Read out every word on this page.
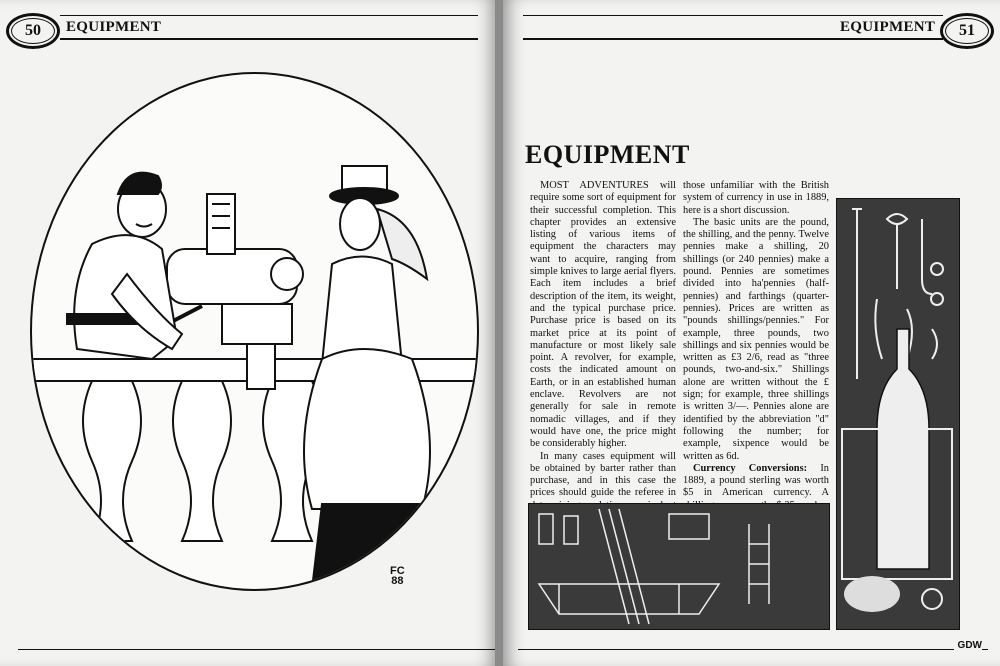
50 EQUIPMENT
FC
88
EQUIPMENT 51
EQUIPMENT

MOST ADVENTURES will require some sort of equipment for their successful completion. This chapter provides an extensive listing of various items of equipment the characters may want to acquire, ranging from simple knives to large aerial flyers. Each item includes a brief description of the item, its weight, and the typical purchase price. Purchase price is based on its market price at its point of manufacture or most likely sale point. A revolver, for example, costs the indicated amount on Earth, or in an established human enclave. Revolvers are not generally for sale in remote nomadic villages, and if they would have one, the price might be considerably higher.

In many cases equipment will be obtained by barter rather than purchase, and in this case the prices should guide the referee in

those unfamiliar with the British system of currency in use in 1889, here is a short discussion.

The basic units are the pound, the shilling, and the penny. Twelve pennies make a shilling, 20 shillings (or 240 pennies) make a pound. Pennies are sometimes divided into ha'pennies (half-pennies) and farthings (quarter-pennies). Prices are written as "pounds shillings/pennies." For example, three pounds, two shillings and six pennies would be written as £3 2/6, read as "three pounds, two-and-six." Shillings alone are written without the £ sign; for example, three shillings is written 3/—. Pennies alone are identified by the abbreviation "d" following the number; for example, sixpence would be written as 6d.

Currency Conversions: In 1889, a pound sterling was worth $5 in American currency. A

GDW
